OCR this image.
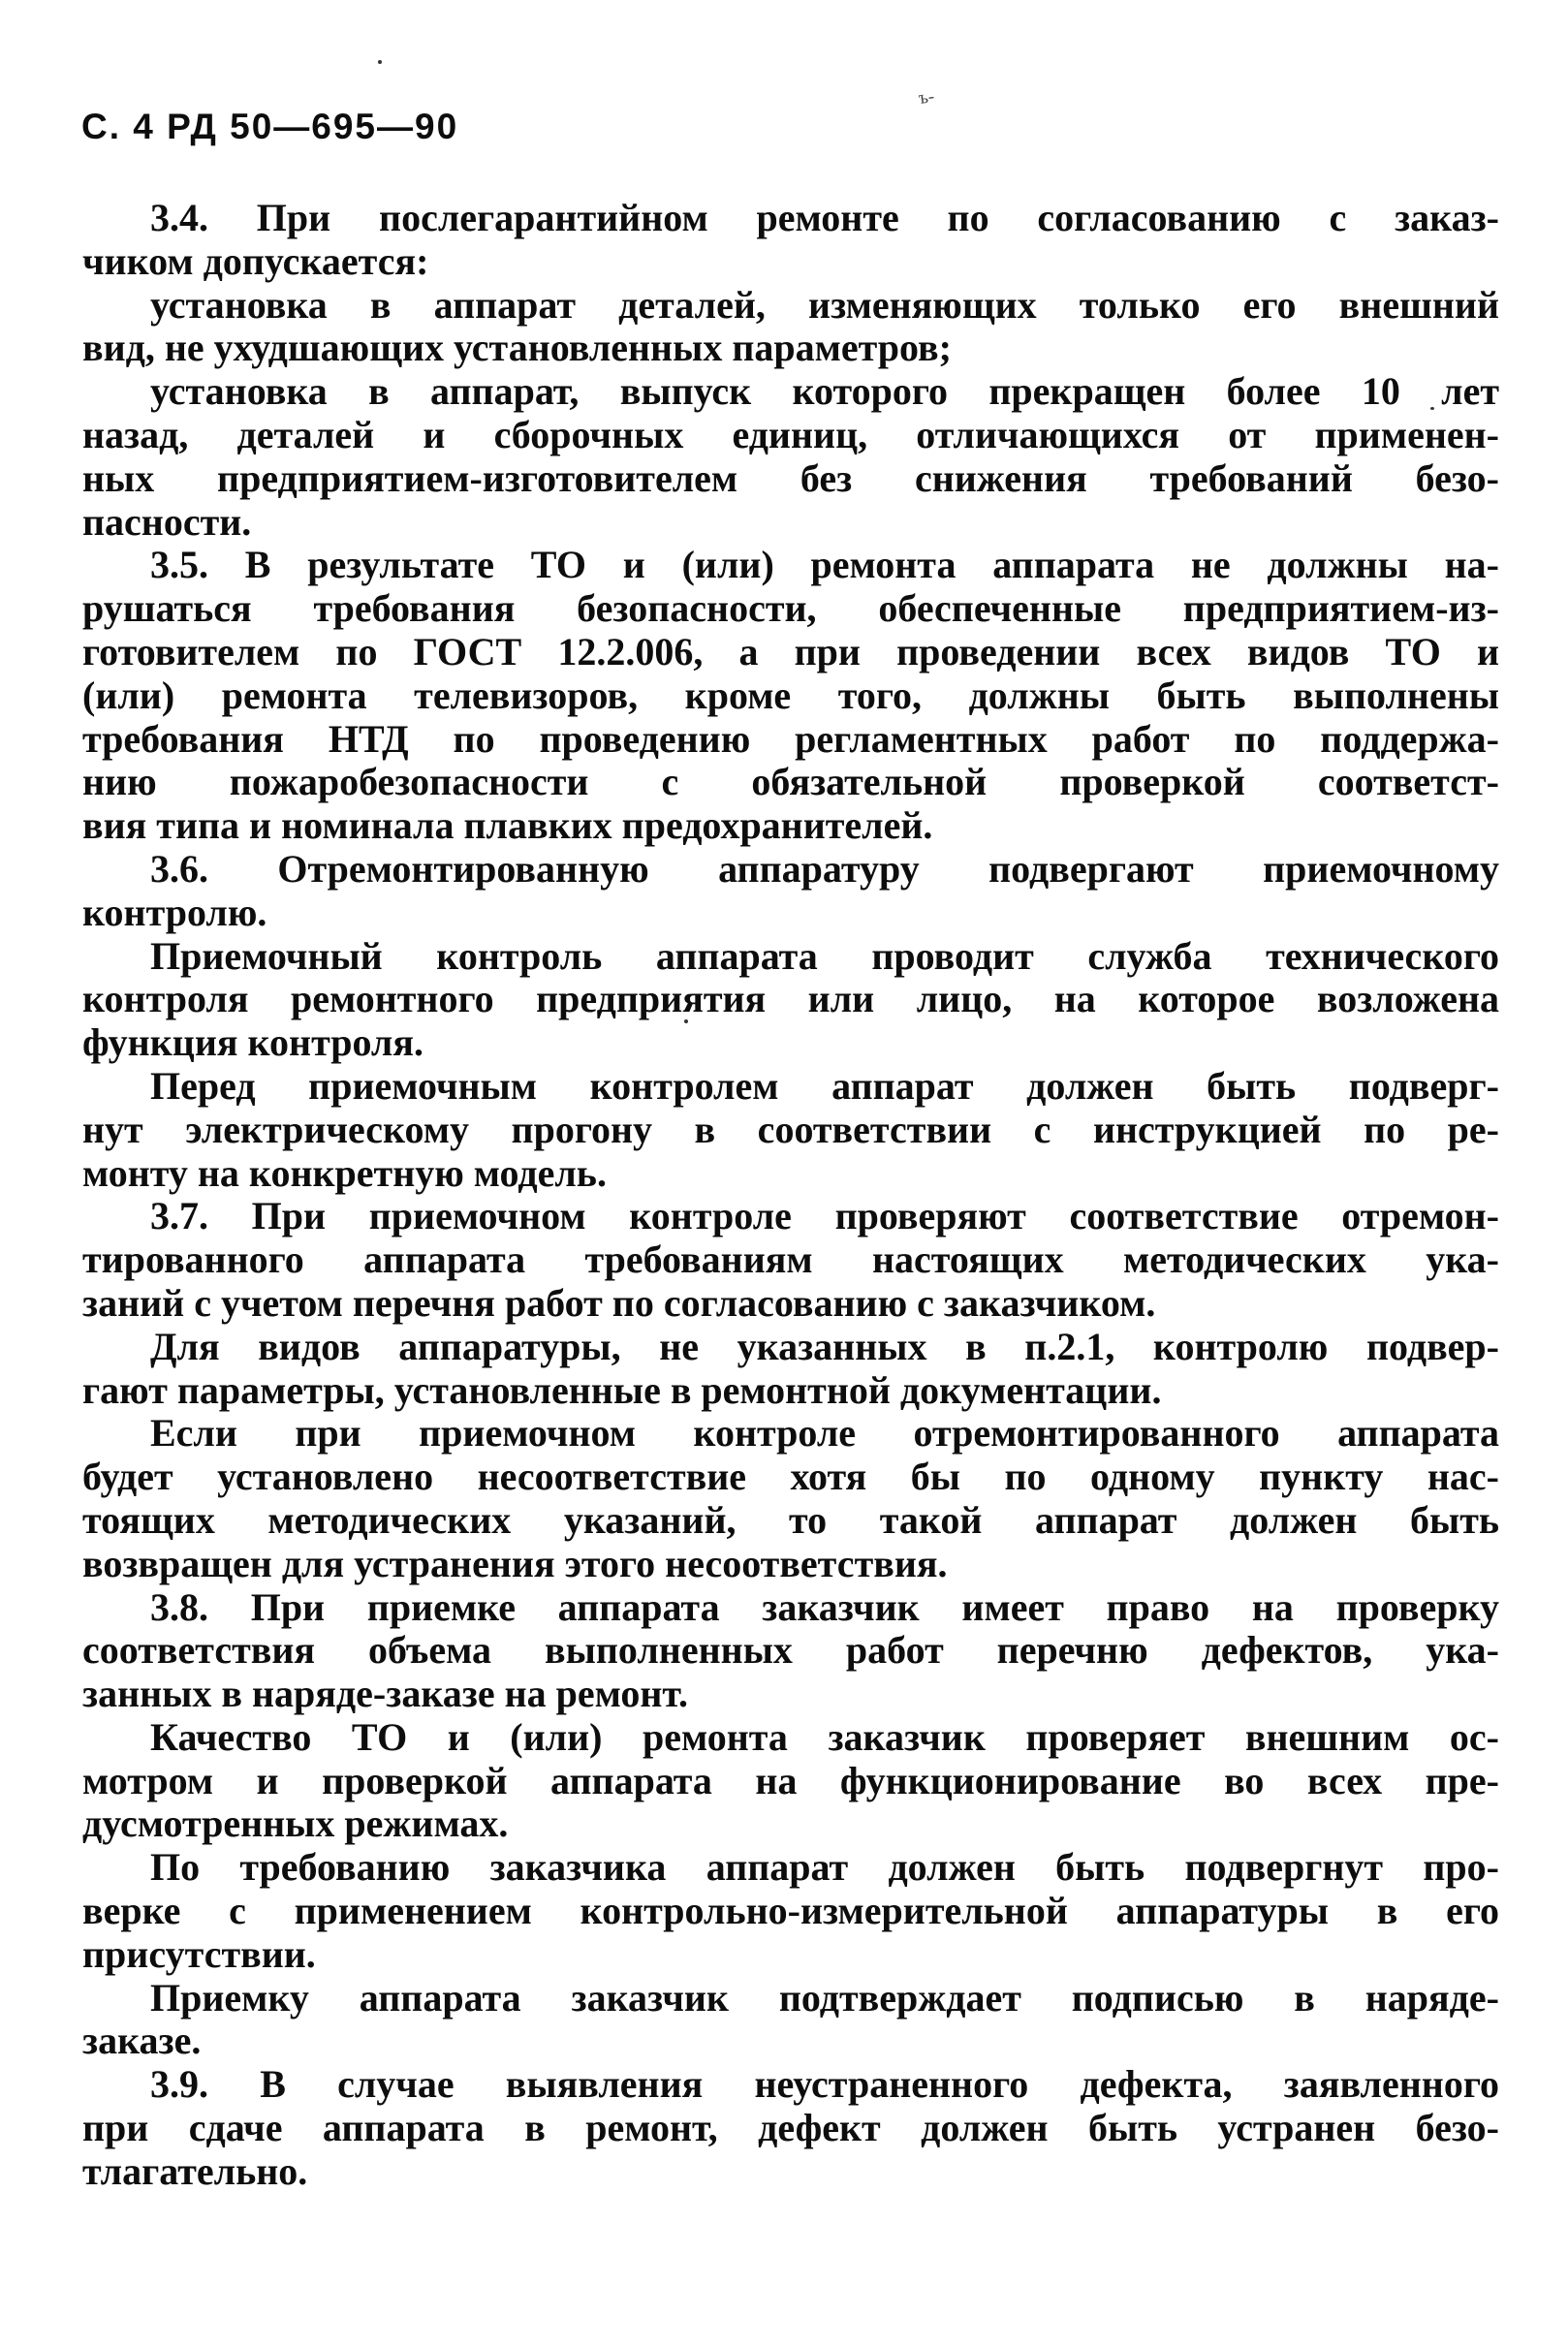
С. 4 РД 50—695—90
ъ-
3.4. При послегарантийном ремонте по согласованию с заказ-
чиком допускается:
установка в аппарат деталей, изменяющих только его внешний
вид, не ухудшающих установленных параметров;
установка в аппарат, выпуск которого прекращен более 10 лет
назад, деталей и сборочных единиц, отличающихся от применен-
ных предприятием-изготовителем без снижения требований безо-
пасности.
3.5. В результате ТО и (или) ремонта аппарата не должны на-
рушаться требования безопасности, обеспеченные предприятием-из-
готовителем по ГОСТ 12.2.006, а при проведении всех видов ТО и
(или) ремонта телевизоров, кроме того, должны быть выполнены
требования НТД по проведению регламентных работ по поддержа-
нию пожаробезопасности с обязательной проверкой соответст-
вия типа и номинала плавких предохранителей.
3.6. Отремонтированную аппаратуру подвергают приемочному
контролю.
Приемочный контроль аппарата проводит служба технического
контроля ремонтного предприятия или лицо, на которое возложена
функция контроля.
Перед приемочным контролем аппарат должен быть подверг-
нут электрическому прогону в соответствии с инструкцией по ре-
монту на конкретную модель.
3.7. При приемочном контроле проверяют соответствие отремон-
тированного аппарата требованиям настоящих методических ука-
заний с учетом перечня работ по согласованию с заказчиком.
Для видов аппаратуры, не указанных в п.2.1, контролю подвер-
гают параметры, установленные в ремонтной документации.
Если при приемочном контроле отремонтированного аппарата
будет установлено несоответствие хотя бы по одному пункту нас-
тоящих методических указаний, то такой аппарат должен быть
возвращен для устранения этого несоответствия.
3.8. При приемке аппарата заказчик имеет право на проверку
соответствия объема выполненных работ перечню дефектов, ука-
занных в наряде-заказе на ремонт.
Качество ТО и (или) ремонта заказчик проверяет внешним ос-
мотром и проверкой аппарата на функционирование во всех пре-
дусмотренных режимах.
По требованию заказчика аппарат должен быть подвергнут про-
верке с применением контрольно-измерительной аппаратуры в его
присутствии.
Приемку аппарата заказчик подтверждает подписью в наряде-
заказе.
3.9. В случае выявления неустраненного дефекта, заявленного
при сдаче аппарата в ремонт, дефект должен быть устранен безо-
тлагательно.
